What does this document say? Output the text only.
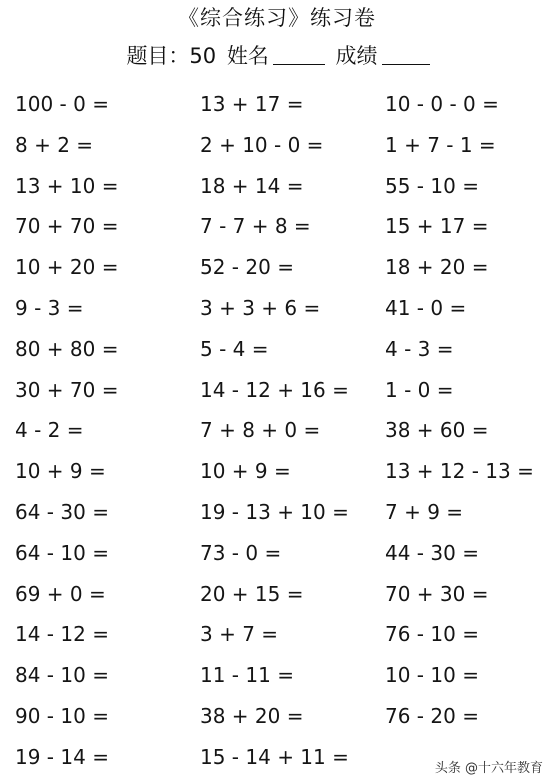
《综合练习》练习卷
题目：50 姓名	成绩
100 - 0 =	13 + 17 =	10 - 0 - 0 =
8 + 2 =	2 + 10 - 0 =	1 + 7 - 1 =
13 + 10 =	18 + 14 =	55 - 10 =
70 + 70 =	7 - 7 + 8 =	15 + 17 =
10 + 20 =	52 - 20 =	18 + 20 =
9 - 3 =	3 + 3 + 6 =	41 - 0 =
80 + 80 =	5 - 4 =	4 - 3 =
30 + 70 =	14 - 12 + 16 =	1 - 0 =
4 - 2 =	7 + 8 + 0 =	38 + 60 =
10 + 9 =	10 + 9 =	13 + 12 - 13 =
64 - 30 =	19 - 13 + 10 =	7 + 9 =
64 - 10 =	73 - 0 =	44 - 30 =
69 + 0 =	20 + 15 =	70 + 30 =
14 - 12 =	3 + 7 =	76 - 10 =
84 - 10 =	11 - 11 =	10 - 10 =
90 - 10 =	38 + 20 =	76 - 20 =
19 - 14 =	15 - 14 + 11 =	头条 @十六年教育
